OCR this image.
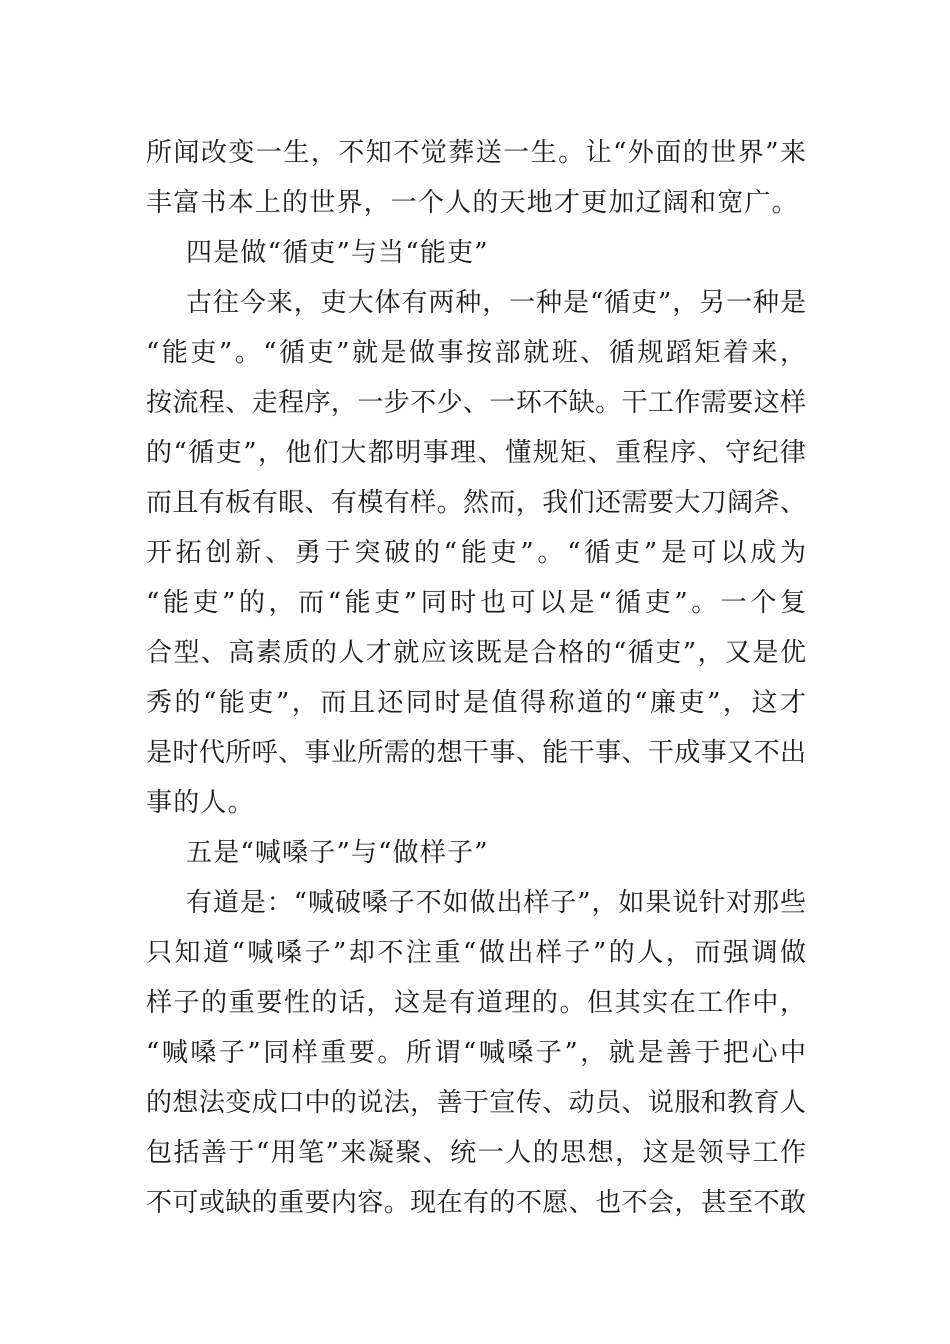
所闻改变一生，不知不觉葬送一生。让“外面的世界”来
丰富书本上的世界，一个人的天地才更加辽阔和宽广。
四是做“循吏”与当“能吏”
古往今来，吏大体有两种，一种是“循吏”，另一种是
“能吏”。“循吏”就是做事按部就班、循规蹈矩着来，
按流程、走程序，一步不少、一环不缺。干工作需要这样
的“循吏”，他们大都明事理、懂规矩、重程序、守纪律
而且有板有眼、有模有样。然而，我们还需要大刀阔斧、
开拓创新、勇于突破的“能吏”。“循吏”是可以成为
“能吏”的，而“能吏”同时也可以是“循吏”。一个复
合型、高素质的人才就应该既是合格的“循吏”，又是优
秀的“能吏”，而且还同时是值得称道的“廉吏”，这才
是时代所呼、事业所需的想干事、能干事、干成事又不出
事的人。
五是“喊嗓子”与“做样子”
有道是：“喊破嗓子不如做出样子”，如果说针对那些
只知道“喊嗓子”却不注重“做出样子”的人，而强调做
样子的重要性的话，这是有道理的。但其实在工作中，
“喊嗓子”同样重要。所谓“喊嗓子”，就是善于把心中
的想法变成口中的说法，善于宣传、动员、说服和教育人
包括善于“用笔”来凝聚、统一人的思想，这是领导工作
不可或缺的重要内容。现在有的不愿、也不会，甚至不敢
